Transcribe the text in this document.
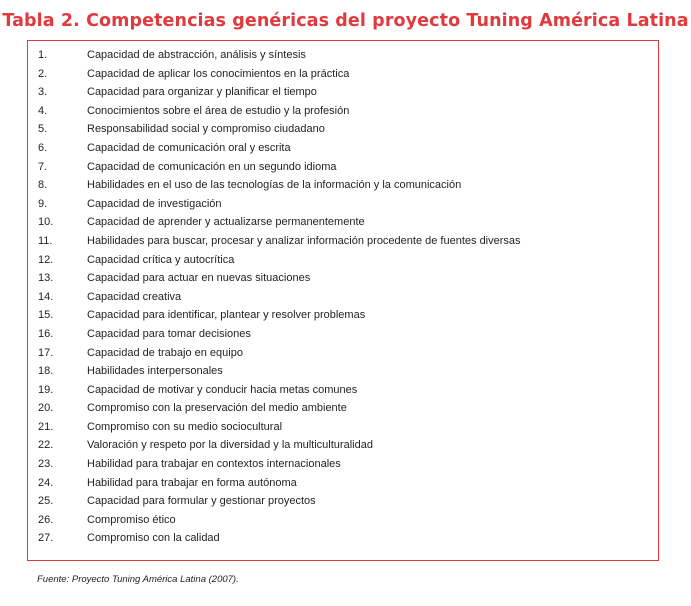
Tabla 2. Competencias genéricas del proyecto Tuning América Latina
1.	Capacidad de abstracción, análisis y síntesis
2.	Capacidad de aplicar los conocimientos en la práctica
3.	Capacidad para organizar y planificar el tiempo
4.	Conocimientos sobre el área de estudio y la profesión
5.	Responsabilidad social y compromiso ciudadano
6.	Capacidad de comunicación oral y escrita
7.	Capacidad de comunicación en un segundo idioma
8.	Habilidades en el uso de las tecnologías de la información y la comunicación
9.	Capacidad de investigación
10.	Capacidad de aprender y actualizarse permanentemente
11.	Habilidades para buscar, procesar y analizar información procedente de fuentes diversas
12.	Capacidad crítica y autocrítica
13.	Capacidad para actuar en nuevas situaciones
14.	Capacidad creativa
15.	Capacidad para identificar, plantear y resolver problemas
16.	Capacidad para tomar decisiones
17.	Capacidad de trabajo en equipo
18.	Habilidades interpersonales
19.	Capacidad de motivar y conducir hacia metas comunes
20.	Compromiso con la preservación del medio ambiente
21.	Compromiso con su medio sociocultural
22.	Valoración y respeto por la diversidad y la multiculturalidad
23.	Habilidad para trabajar en contextos internacionales
24.	Habilidad para trabajar en forma autónoma
25.	Capacidad para formular y gestionar proyectos
26.	Compromiso ético
27.	Compromiso con la calidad
Fuente: Proyecto Tuning América Latina (2007).
